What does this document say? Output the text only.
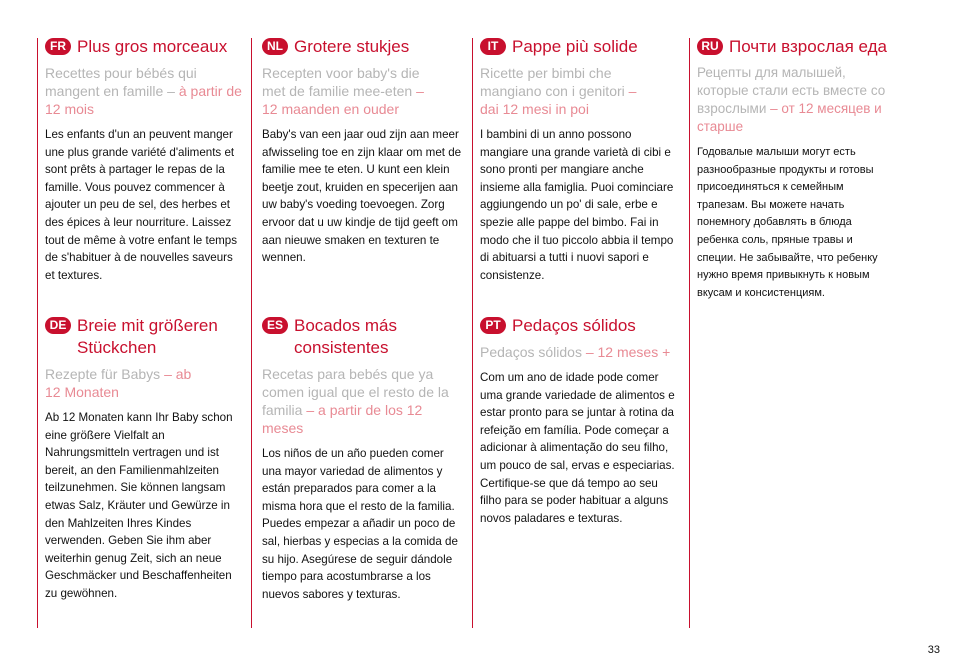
FR Plus gros morceaux
Recettes pour bébés qui mangent en famille – à partir de 12 mois
Les enfants d'un an peuvent manger une plus grande variété d'aliments et sont prêts à partager le repas de la famille. Vous pouvez commencer à ajouter un peu de sel, des herbes et des épices à leur nourriture. Laissez tout de même à votre enfant le temps de s'habituer à de nouvelles saveurs et textures.
DE Breie mit größeren Stückchen
Rezepte für Babys – ab 12 Monaten
Ab 12 Monaten kann Ihr Baby schon eine größere Vielfalt an Nahrungsmitteln vertragen und ist bereit, an den Familienmahlzeiten teilzunehmen. Sie können langsam etwas Salz, Kräuter und Gewürze in den Mahlzeiten Ihres Kindes verwenden. Geben Sie ihm aber weiterhin genug Zeit, sich an neue Geschmäcker und Beschaffenheiten zu gewöhnen.
NL Grotere stukjes
Recepten voor baby's die met de familie mee-eten – 12 maanden en ouder
Baby's van een jaar oud zijn aan meer afwisseling toe en zijn klaar om met de familie mee te eten. U kunt een klein beetje zout, kruiden en specerijen aan uw baby's voeding toevoegen. Zorg ervoor dat u uw kindje de tijd geeft om aan nieuwe smaken en texturen te wennen.
ES Bocados más consistentes
Recetas para bebés que ya comen igual que el resto de la familia – a partir de los 12 meses
Los niños de un año pueden comer una mayor variedad de alimentos y están preparados para comer a la misma hora que el resto de la familia. Puedes empezar a añadir un poco de sal, hierbas y especias a la comida de su hijo. Asegúrese de seguir dándole tiempo para acostumbrarse a los nuevos sabores y texturas.
IT Pappe più solide
Ricette per bimbi che mangiano con i genitori – dai 12 mesi in poi
I bambini di un anno possono mangiare una grande varietà di cibi e sono pronti per mangiare anche insieme alla famiglia. Puoi cominciare aggiungendo un po' di sale, erbe e spezie alle pappe del bimbo. Fai in modo che il tuo piccolo abbia il tempo di abituarsi a tutti i nuovi sapori e consistenze.
PT Pedaços sólidos
Pedaços sólidos – 12 meses +
Com um ano de idade pode comer uma grande variedade de alimentos e estar pronto para se juntar à rotina da refeição em família. Pode começar a adicionar à alimentação do seu filho, um pouco de sal, ervas e especiarias. Certifique-se que dá tempo ao seu filho para se poder habituar a alguns novos paladares e texturas.
RU Почти взрослая еда
Рецепты для малышей, которые стали есть вместе со взрослыми – от 12 месяцев и старше
Годовалые малыши могут есть разнообразные продукты и готовы присоединяться к семейным трапезам. Вы можете начать понемногу добавлять в блюда ребенка соль, пряные травы и специи. Не забывайте, что ребенку нужно время привыкнуть к новым вкусам и консистенциям.
33
